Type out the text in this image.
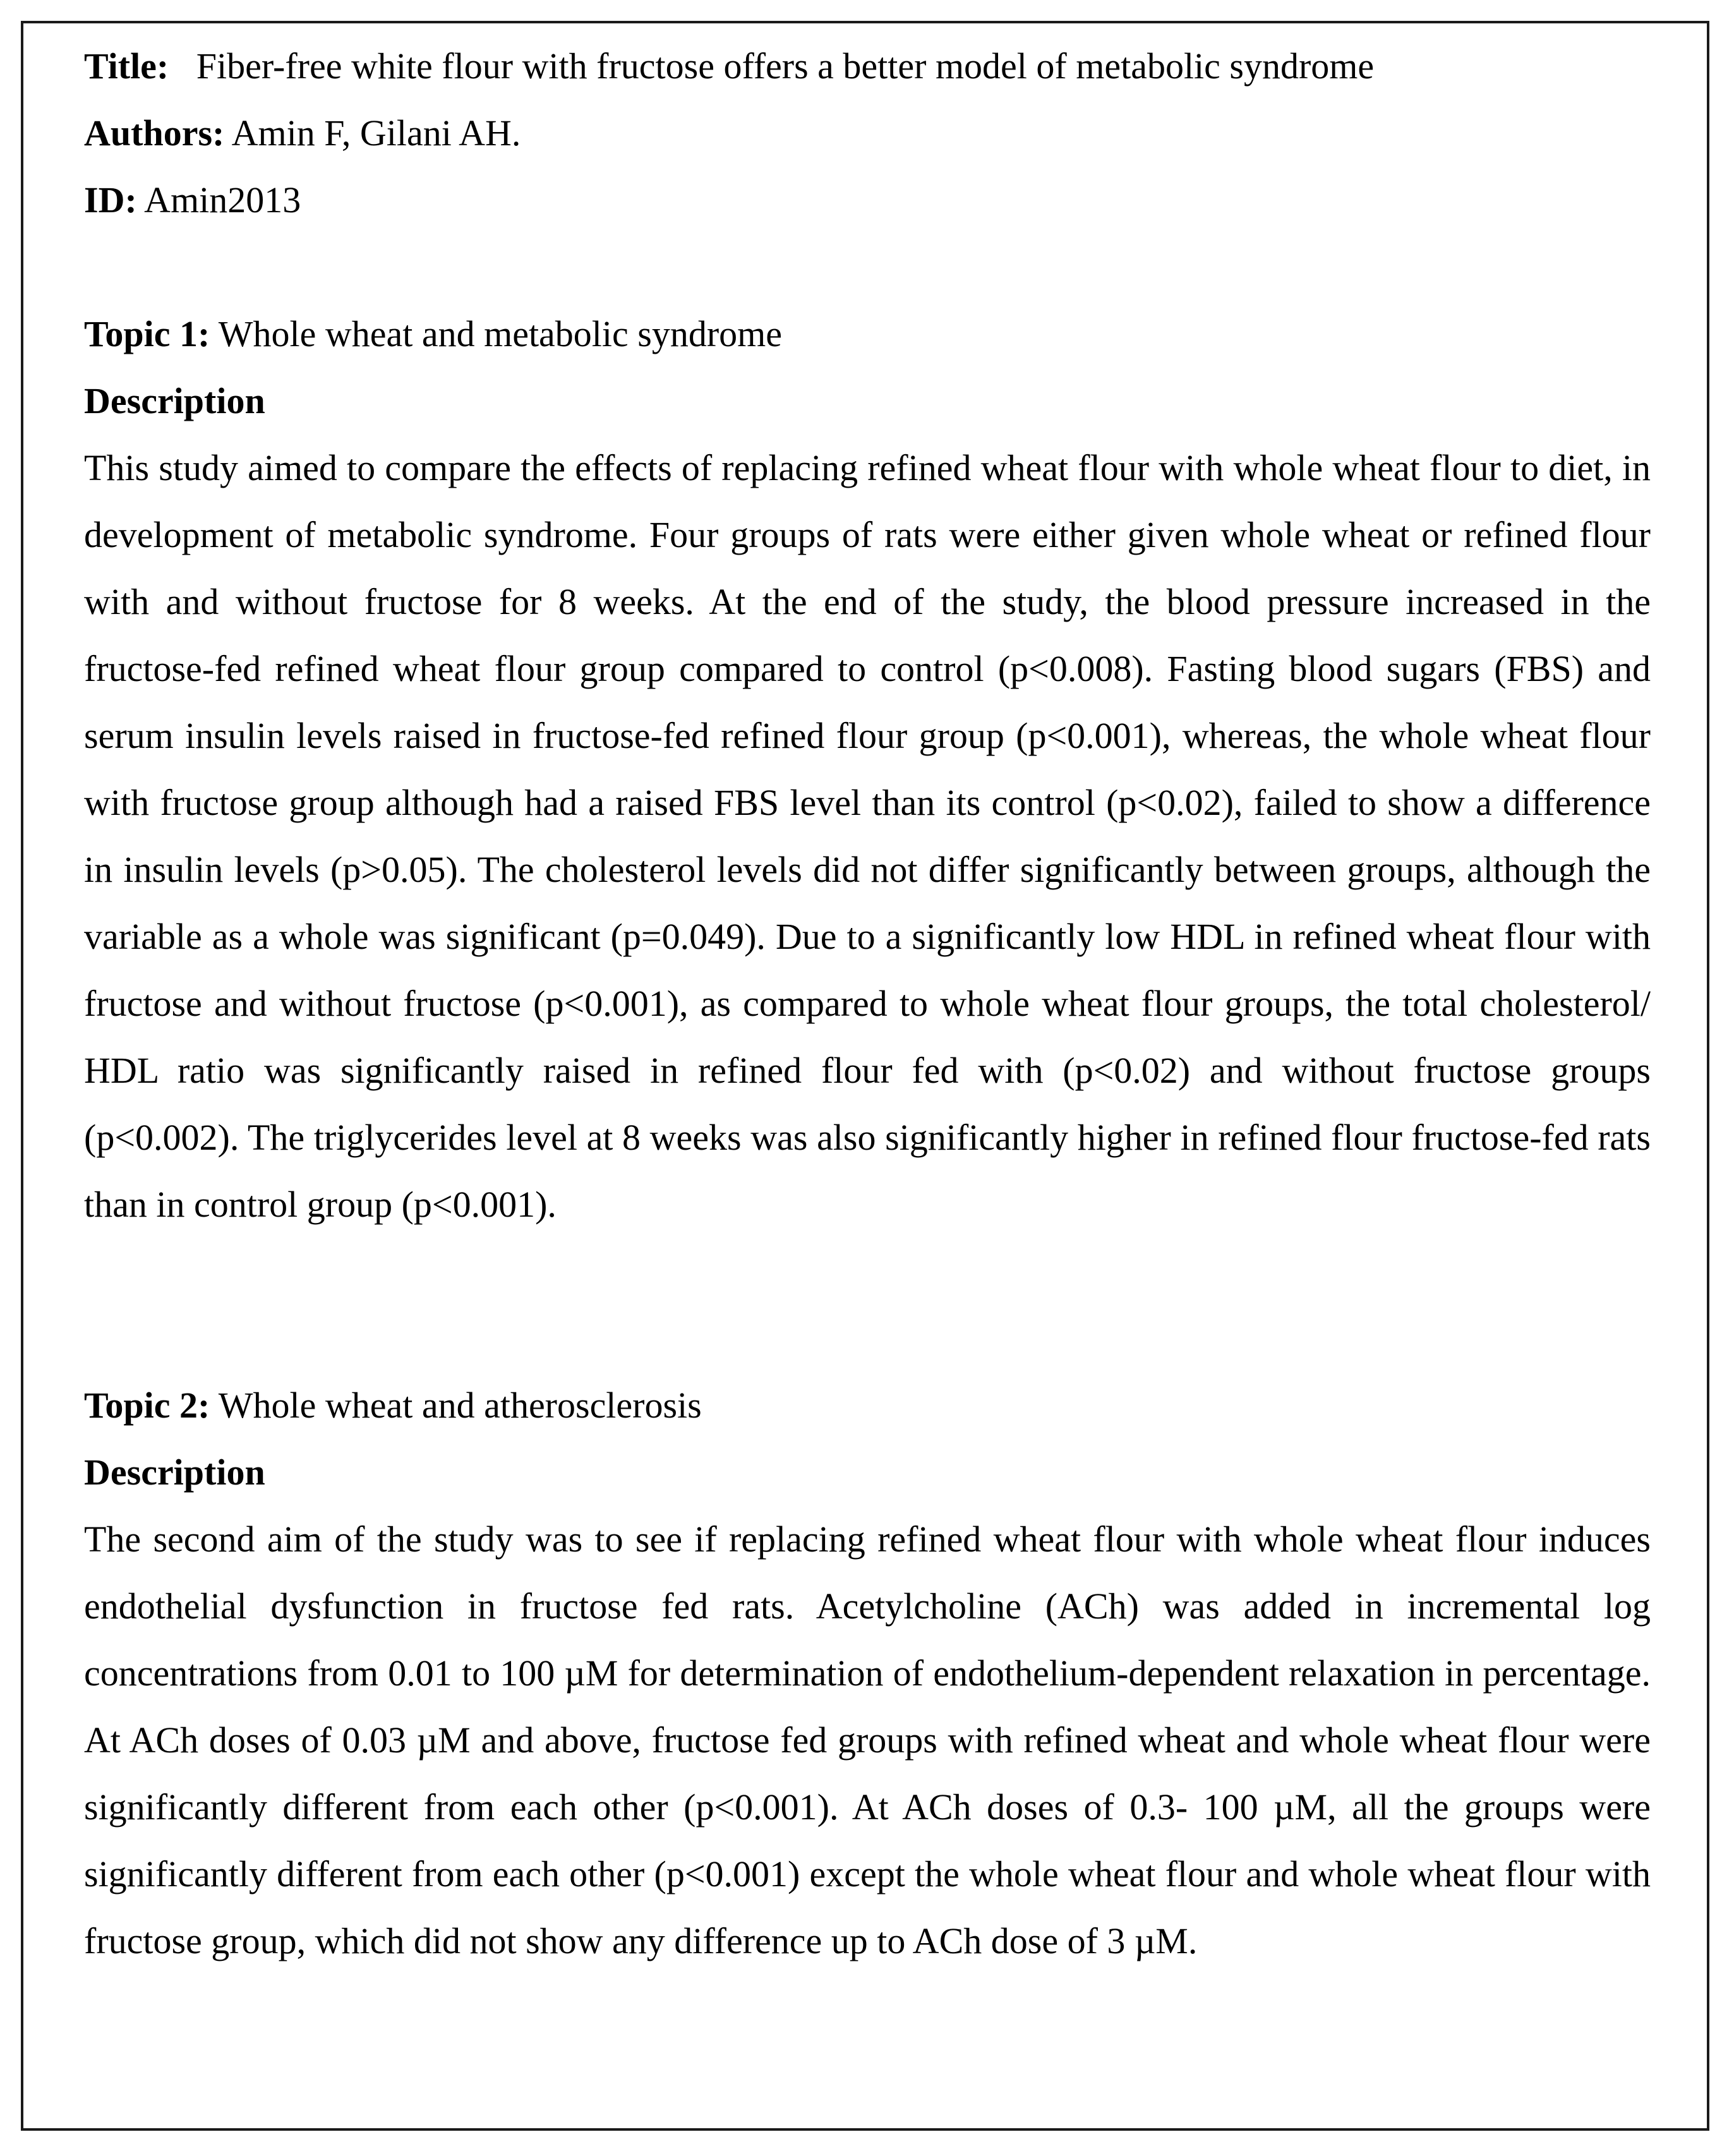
Title: Fiber-free white flour with fructose offers a better model of metabolic syndrome

Authors: Amin F, Gilani AH.

ID: Amin2013

Topic 1: Whole wheat and metabolic syndrome

Description

This study aimed to compare the effects of replacing refined wheat flour with whole wheat flour to diet, in development of metabolic syndrome. Four groups of rats were either given whole wheat or refined flour with and without fructose for 8 weeks. At the end of the study, the blood pressure increased in the fructose-fed refined wheat flour group compared to control (p<0.008). Fasting blood sugars (FBS) and serum insulin levels raised in fructose-fed refined flour group (p<0.001), whereas, the whole wheat flour with fructose group although had a raised FBS level than its control (p<0.02), failed to show a difference in insulin levels (p>0.05). The cholesterol levels did not differ significantly between groups, although the variable as a whole was significant (p=0.049). Due to a significantly low HDL in refined wheat flour with fructose and without fructose (p<0.001), as compared to whole wheat flour groups, the total cholesterol/ HDL ratio was significantly raised in refined flour fed with (p<0.02) and without fructose groups (p<0.002). The triglycerides level at 8 weeks was also significantly higher in refined flour fructose-fed rats than in control group (p<0.001).

Topic 2: Whole wheat and atherosclerosis

Description

The second aim of the study was to see if replacing refined wheat flour with whole wheat flour induces endothelial dysfunction in fructose fed rats. Acetylcholine (ACh) was added in incremental log concentrations from 0.01 to 100 µM for determination of endothelium-dependent relaxation in percentage. At ACh doses of 0.03 µM and above, fructose fed groups with refined wheat and whole wheat flour were significantly different from each other (p<0.001). At ACh doses of 0.3- 100 µM, all the groups were significantly different from each other (p<0.001) except the whole wheat flour and whole wheat flour with fructose group, which did not show any difference up to ACh dose of 3 µM.
